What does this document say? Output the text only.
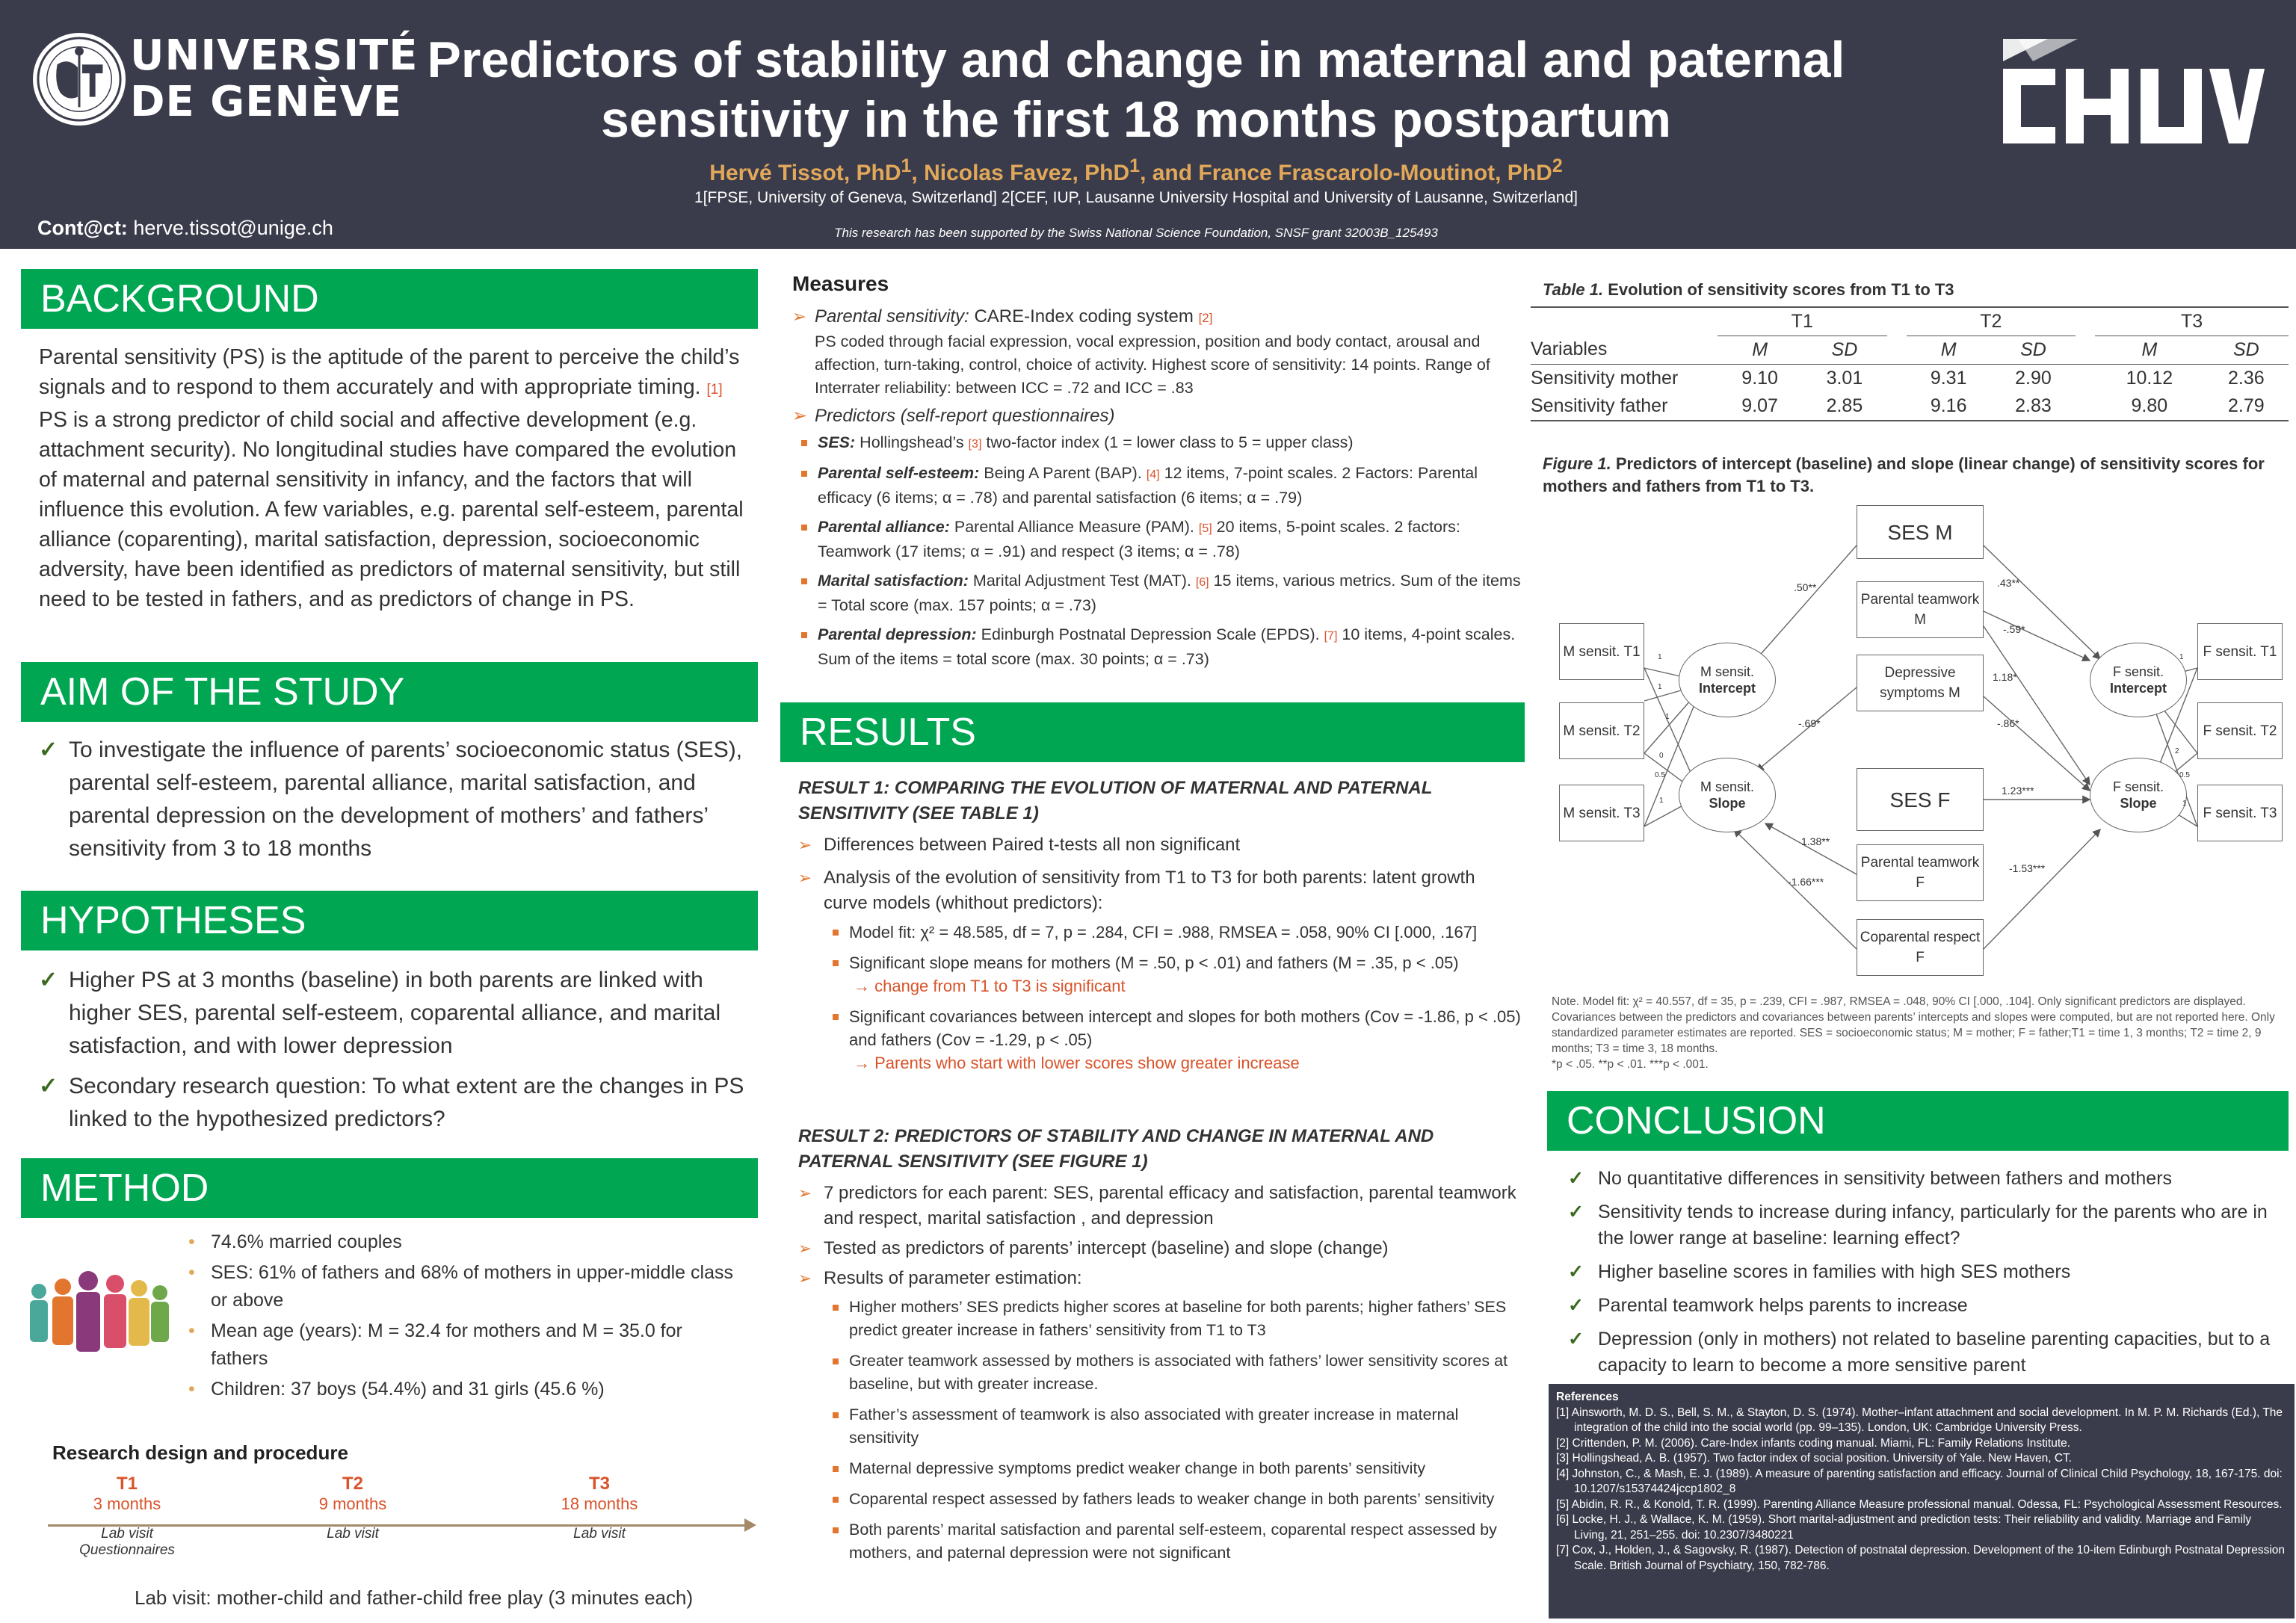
UNIVERSITÉ
DE GENÈVE
Predictors of stability and change in maternal and paternal
sensitivity in the first 18 months postpartum
Hervé Tissot, PhD$^1$, Nicolas Favez, PhD$^1$, and France Frascarolo-Moutinot, PhD$^2$
1[FPSE, University of Geneva, Switzerland] 2[CEF, IUP, Lausanne University Hospital and University of Lausanne, Switzerland]
Cont@ct: herve.tissot@unige.ch	This research has been supported by the Swiss National Science Foundation, SNSF grant 32003B_125493
BACKGROUND
Parental sensitivity (PS) is the aptitude of the parent to perceive the child’s signals and to respond to them accurately and with appropriate timing. [1] PS is a strong predictor of child social and affective development (e.g. attachment security). No longitudinal studies have compared the evolution of maternal and paternal sensitivity in infancy, and the factors that will influence this evolution. A few variables, e.g. parental self-esteem, parental alliance (coparenting), marital satisfaction, depression, socioeconomic adversity, have been identified as predictors of maternal sensitivity, but still need to be tested in fathers, and as predictors of change in PS.
AIM OF THE STUDY
✓ To investigate the influence of parents’ socioeconomic status (SES), parental self-esteem, parental alliance, marital satisfaction, and parental depression on the development of mothers’ and fathers’ sensitivity from 3 to 18 months
HYPOTHESES
✓ Higher PS at 3 months (baseline) in both parents are linked with higher SES, parental self-esteem, coparental alliance, and marital satisfaction, and with lower depression
✓ Secondary research question: To what extent are the changes in PS linked to the hypothesized predictors?
METHOD
• 74.6% married couples
• SES: 61% of fathers and 68% of mothers in upper-middle class or above
• Mean age (years): M = 32.4 for mothers and M = 35.0 for fathers
• Children: 37 boys (54.4%) and 31 girls (45.6 %)
Research design and procedure
T1
3 months
Lab visit
Questionnaires
T2
9 months
Lab visit
T3
18 months
Lab visit
Lab visit: mother-child and father-child free play (3 minutes each)
Measures
➢ Parental sensitivity: CARE-Index coding system [2]
PS coded through facial expression, vocal expression, position and body contact, arousal and affection, turn-taking, control, choice of activity. Highest score of sensitivity: 14 points. Range of Interrater reliability: between ICC = .72 and ICC = .83
➢ Predictors (self-report questionnaires)
SES: Hollingshead’s [3] two-factor index (1 = lower class to 5 = upper class)
Parental self-esteem: Being A Parent (BAP). [4] 12 items, 7-point scales. 2 Factors: Parental efficacy (6 items; α = .78) and parental satisfaction (6 items; α = .79)
Parental alliance: Parental Alliance Measure (PAM). [5] 20 items, 5-point scales. 2 factors: Teamwork (17 items; α = .91) and respect (3 items; α = .78)
Marital satisfaction: Marital Adjustment Test (MAT). [6] 15 items, various metrics. Sum of the items = Total score (max. 157 points; α = .73)
Parental depression: Edinburgh Postnatal Depression Scale (EPDS). [7] 10 items, 4-point scales. Sum of the items = total score (max. 30 points; α = .73)
RESULTS
RESULT 1: COMPARING THE EVOLUTION OF MATERNAL AND PATERNAL SENSITIVITY (SEE TABLE 1)
➢ Differences between Paired t-tests all non significant
➢ Analysis of the evolution of sensitivity from T1 to T3 for both parents: latent growth curve models (whithout predictors):
Model fit: χ² = 48.585, df = 7, p = .284, CFI = .988, RMSEA = .058, 90% CI [.000, .167]
Significant slope means for mothers (M = .50, p < .01) and fathers (M = .35, p < .05)
→ change from T1 to T3 is significant
Significant covariances between intercept and slopes for both mothers (Cov = -1.86, p < .05) and fathers (Cov = -1.29, p < .05)
→ Parents who start with lower scores show greater increase
RESULT 2: PREDICTORS OF STABILITY AND CHANGE IN MATERNAL AND PATERNAL SENSITIVITY (SEE FIGURE 1)
➢ 7 predictors for each parent: SES, parental efficacy and satisfaction, parental teamwork and respect, marital satisfaction , and depression
➢ Tested as predictors of parents’ intercept (baseline) and slope (change)
➢ Results of parameter estimation:
Higher mothers’ SES predicts higher scores at baseline for both parents; higher fathers’ SES predict greater increase in fathers’ sensitivity from T1 to T3
Greater teamwork assessed by mothers is associated with fathers’ lower sensitivity scores at baseline, but with greater increase.
Father’s assessment of teamwork is also associated with greater increase in maternal sensitivity
Maternal depressive symptoms predict weaker change in both parents’ sensitivity
Coparental respect assessed by fathers leads to weaker change in both parents’ sensitivity
Both parents’ marital satisfaction and parental self-esteem, coparental respect assessed by mothers, and paternal depression were not significant
Table 1. Evolution of sensitivity scores from T1 to T3
	T1			T2			T3	
Variables	M	SD		M	SD		M	SD
Sensitivity mother	9.10	3.01		9.31	2.90		10.12	2.36
Sensitivity father	9.07	2.85		9.16	2.83		9.80	2.79
Figure 1. Predictors of intercept (baseline) and slope (linear change) of sensitivity scores for mothers and fathers from T1 to T3.
SES M
Parental teamwork M
Depressive symptoms M
SES F
Parental teamwork F
Coparental respect F
M sensit. T1
M sensit. T2
M sensit. T3
F sensit. T1
F sensit. T2
F sensit. T3
M sensit.
Intercept
M sensit.
Slope
F sensit.
Intercept
F sensit.
Slope
.50**	.43**
-.59*
1.18*
-.69*	-.86*
1.23***
1.38**
-1.66***
-1.53***
1
1
1
0
0.5
1
1
2
0.5
1
Note. Model fit: χ² = 40.557, df = 35, p = .239, CFI = .987, RMSEA = .048, 90% CI [.000, .104]. Only significant predictors are displayed. Covariances between the predictors and covariances between parents’ intercepts and slopes were computed, but are not reported here. Only standardized parameter estimates are reported. SES = socioeconomic status; M = mother; F = father;T1 = time 1, 3 months; T2 = time 2, 9 months; T3 = time 3, 18 months.
*p < .05. **p < .01. ***p < .001.
CONCLUSION
✓ No quantitative differences in sensitivity between fathers and mothers
✓ Sensitivity tends to increase during infancy, particularly for the parents who are in the lower range at baseline: learning effect?
✓ Higher baseline scores in families with high SES mothers
✓ Parental teamwork helps parents to increase
✓ Depression (only in mothers) not related to baseline parenting capacities, but to a capacity to learn to become a more sensitive parent
References

[1] Ainsworth, M. D. S., Bell, S. M., & Stayton, D. S. (1974). Mother–infant attachment and social development. In M. P. M. Richards (Ed.), The integration of the child into the social world (pp. 99–135). London, UK: Cambridge University Press.

[2] Crittenden, P. M. (2006). Care-Index infants coding manual. Miami, FL: Family Relations Institute.

[3] Hollingshead, A. B. (1957). Two factor index of social position. University of Yale. New Haven, CT.

[4] Johnston, C., & Mash, E. J. (1989). A measure of parenting satisfaction and efficacy. Journal of Clinical Child Psychology, 18, 167-175. doi: 10.1207/s15374424jccp1802_8

[5] Abidin, R. R., & Konold, T. R. (1999). Parenting Alliance Measure professional manual. Odessa, FL: Psychological Assessment Resources.

[6] Locke, H. J., & Wallace, K. M. (1959). Short marital-adjustment and prediction tests: Their reliability and validity. Marriage and Family Living, 21, 251–255. doi: 10.2307/3480221

[7] Cox, J., Holden, J., & Sagovsky, R. (1987). Detection of postnatal depression. Development of the 10-item Edinburgh Postnatal Depression Scale. British Journal of Psychiatry, 150, 782-786.
